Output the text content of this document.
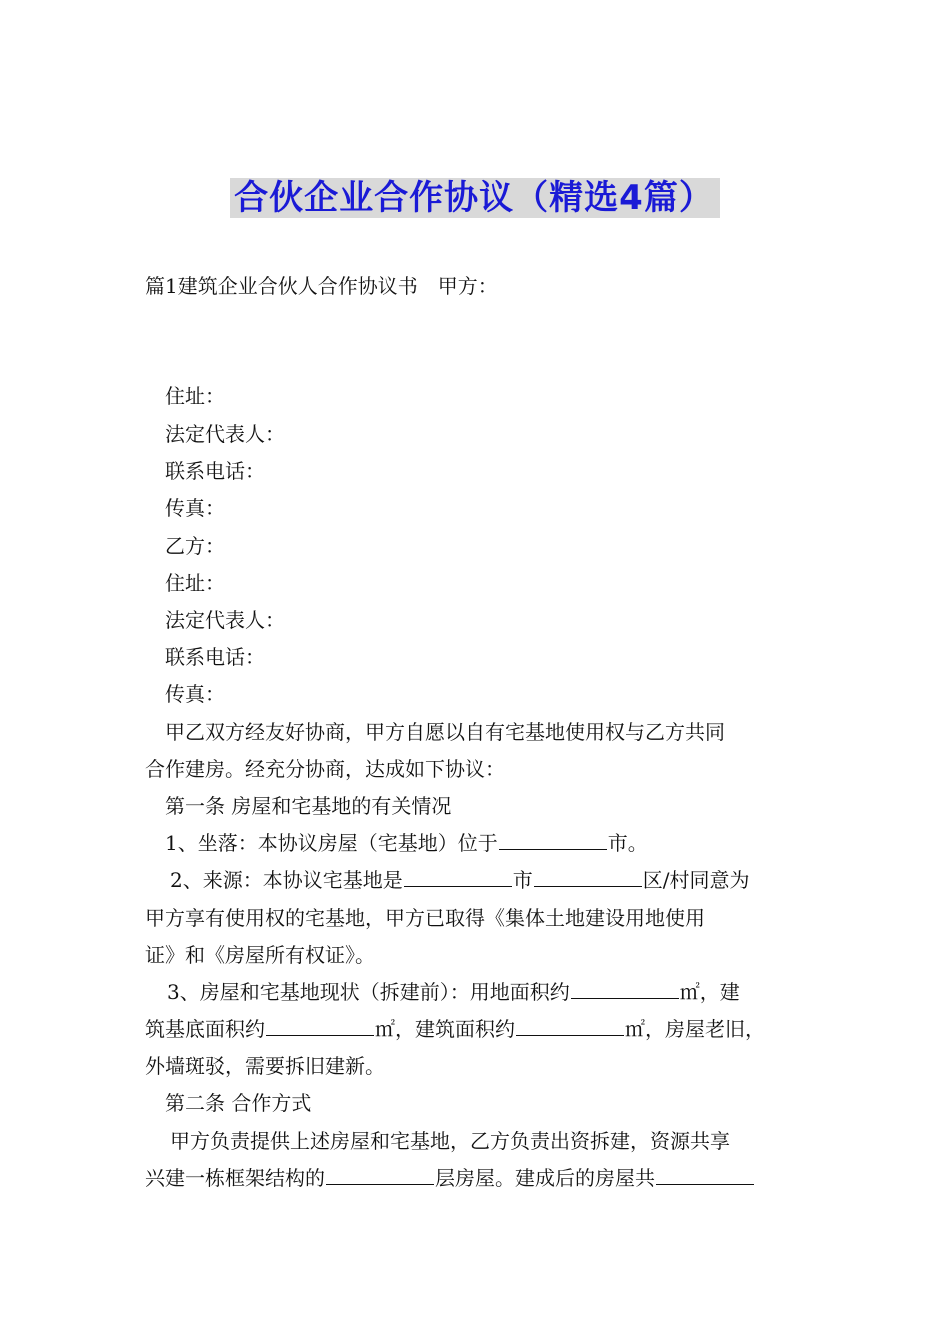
合伙企业合作协议（精选4篇）
篇1建筑企业合伙人合作协议书　甲方：
住址：
法定代表人：
联系电话：
传真：
乙方：
住址：
法定代表人：
联系电话：
传真：
甲乙双方经友好协商，甲方自愿以自有宅基地使用权与乙方共同
合作建房。经充分协商，达成如下协议：
第一条 房屋和宅基地的有关情况
1、坐落：本协议房屋（宅基地）位于	市。
2、来源：本协议宅基地是	市	区/村同意为
甲方享有使用权的宅基地，甲方已取得《集体土地建设用地使用
证》和《房屋所有权证》。
3、房屋和宅基地现状（拆建前）：用地面积约	㎡，建
筑基底面积约	㎡，建筑面积约	㎡，房屋老旧，
外墙斑驳，需要拆旧建新。
第二条 合作方式
甲方负责提供上述房屋和宅基地，乙方负责出资拆建，资源共享
兴建一栋框架结构的	层房屋。建成后的房屋共
